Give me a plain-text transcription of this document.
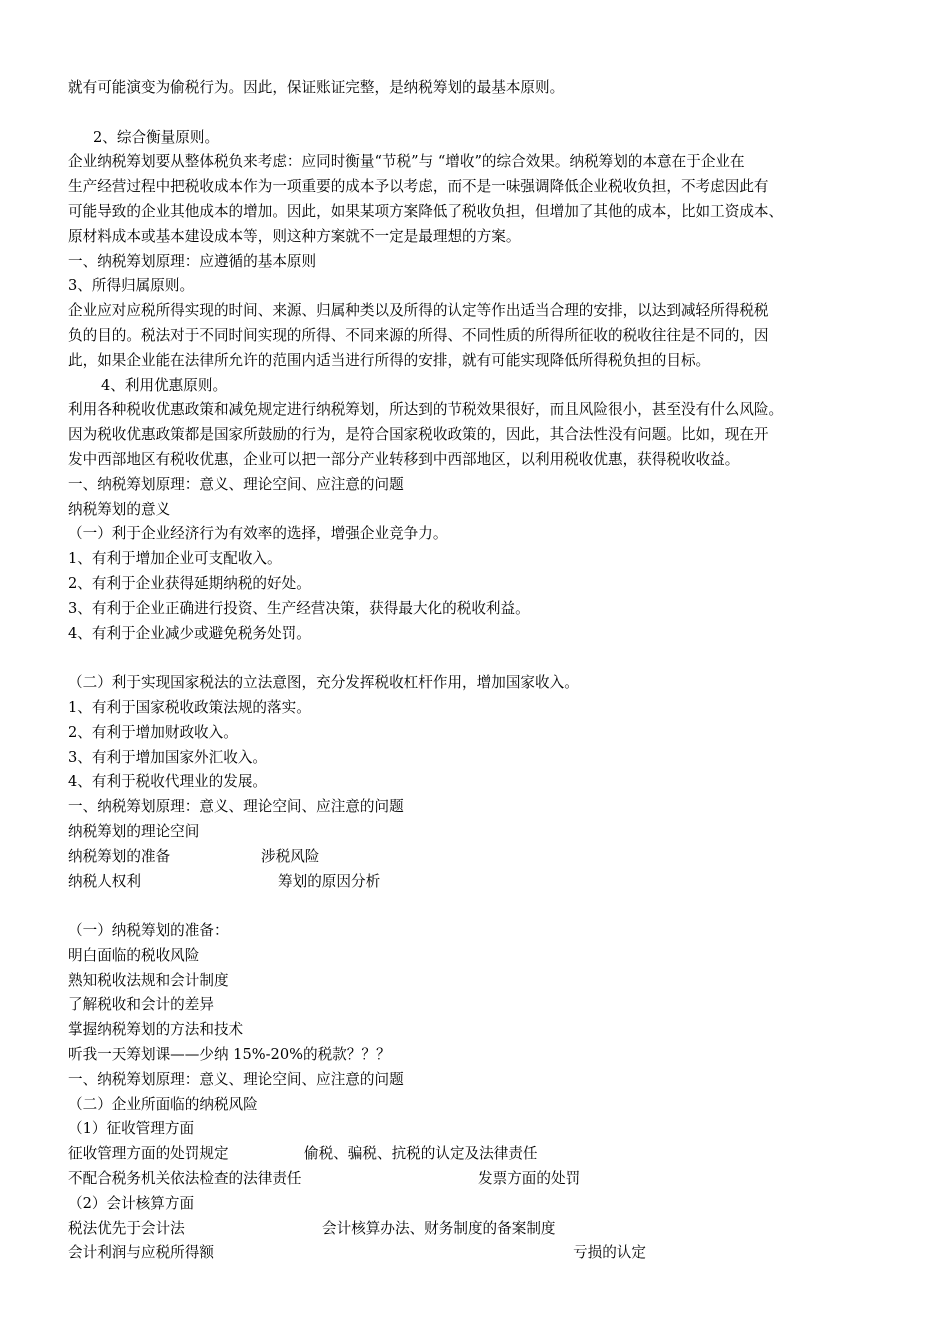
就有可能演变为偷税行为。因此，保证账证完整，是纳税筹划的最基本原则。
2、综合衡量原则。
企业纳税筹划要从整体税负来考虑：应同时衡量“节税”与 “增收”的综合效果。纳税筹划的本意在于企业在
生产经营过程中把税收成本作为一项重要的成本予以考虑，而不是一味强调降低企业税收负担，不考虑因此有
可能导致的企业其他成本的增加。因此，如果某项方案降低了税收负担，但增加了其他的成本，比如工资成本、
原材料成本或基本建设成本等，则这种方案就不一定是最理想的方案。
一、纳税筹划原理：应遵循的基本原则
3、所得归属原则。
企业应对应税所得实现的时间、来源、归属种类以及所得的认定等作出适当合理的安排，以达到减轻所得税税
负的目的。税法对于不同时间实现的所得、不同来源的所得、不同性质的所得所征收的税收往往是不同的，因
此，如果企业能在法律所允许的范围内适当进行所得的安排，就有可能实现降低所得税负担的目标。
4、利用优惠原则。
利用各种税收优惠政策和减免规定进行纳税筹划，所达到的节税效果很好，而且风险很小，甚至没有什么风险。
因为税收优惠政策都是国家所鼓励的行为，是符合国家税收政策的，因此，其合法性没有问题。比如，现在开
发中西部地区有税收优惠，企业可以把一部分产业转移到中西部地区，以利用税收优惠，获得税收收益。
一、纳税筹划原理：意义、理论空间、应注意的问题
纳税筹划的意义
（一）利于企业经济行为有效率的选择，增强企业竞争力。
1、有利于增加企业可支配收入。
2、有利于企业获得延期纳税的好处。
3、有利于企业正确进行投资、生产经营决策，获得最大化的税收利益。
4、有利于企业减少或避免税务处罚。
（二）利于实现国家税法的立法意图，充分发挥税收杠杆作用，增加国家收入。
1、有利于国家税收政策法规的落实。
2、有利于增加财政收入。
3、有利于增加国家外汇收入。
4、有利于税收代理业的发展。
一、纳税筹划原理：意义、理论空间、应注意的问题
纳税筹划的理论空间
纳税筹划的准备	涉税风险
纳税人权利	筹划的原因分析
（一）纳税筹划的准备：
明白面临的税收风险
熟知税收法规和会计制度
了解税收和会计的差异
掌握纳税筹划的方法和技术
听我一天筹划课——少纳 15%-20%的税款？？？
一、纳税筹划原理：意义、理论空间、应注意的问题
（二）企业所面临的纳税风险
（1）征收管理方面
征收管理方面的处罚规定	偷税、骗税、抗税的认定及法律责任
不配合税务机关依法检查的法律责任	发票方面的处罚
（2）会计核算方面
税法优先于会计法	会计核算办法、财务制度的备案制度
会计利润与应税所得额	亏损的认定
